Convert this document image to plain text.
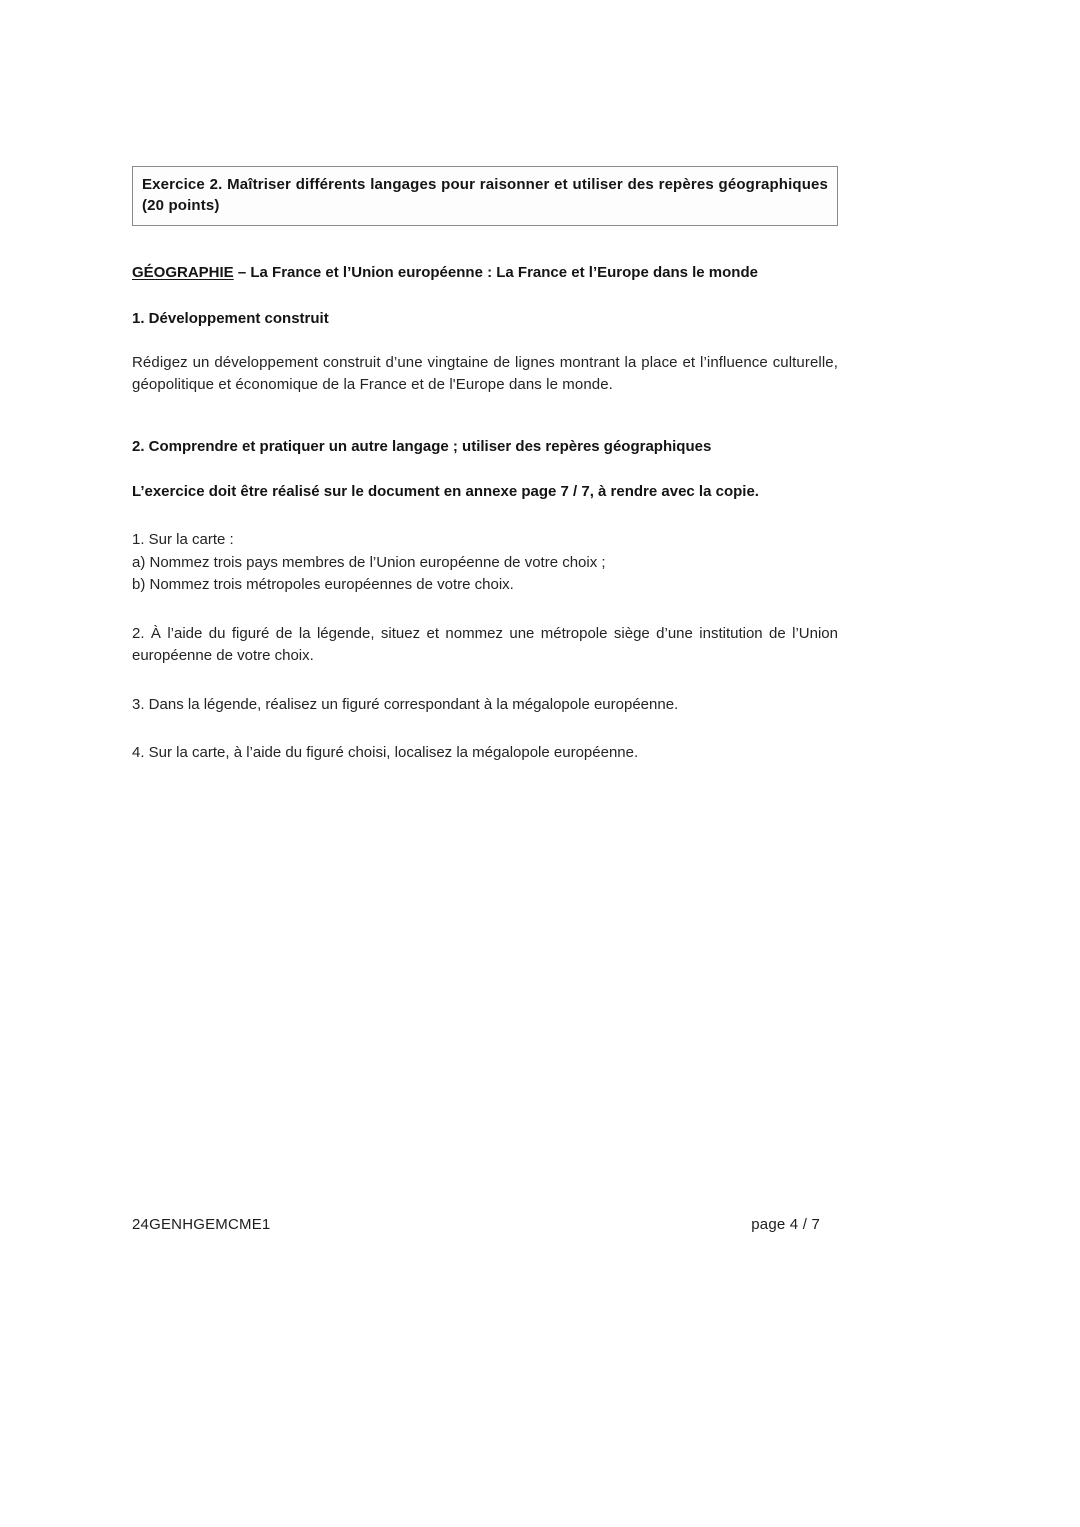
Exercice 2. Maîtriser différents langages pour raisonner et utiliser des repères géographiques (20 points)

GÉOGRAPHIE – La France et l’Union européenne : La France et l’Europe dans le monde
1. Développement construit

Rédigez un développement construit d’une vingtaine de lignes montrant la place et l’influence culturelle, géopolitique et économique de la France et de l'Europe dans le monde.

2. Comprendre et pratiquer un autre langage ; utiliser des repères géographiques

L’exercice doit être réalisé sur le document en annexe page 7 / 7, à rendre avec la copie.

1. Sur la carte :
a) Nommez trois pays membres de l’Union européenne de votre choix ;
b) Nommez trois métropoles européennes de votre choix.
2. À l’aide du figuré de la légende, situez et nommez une métropole siège d’une institution de l’Union européenne de votre choix.
3. Dans la légende, réalisez un figuré correspondant à la mégalopole européenne.
4. Sur la carte, à l’aide du figuré choisi, localisez la mégalopole européenne.
24GENHGEMCME1	page 4 / 7
